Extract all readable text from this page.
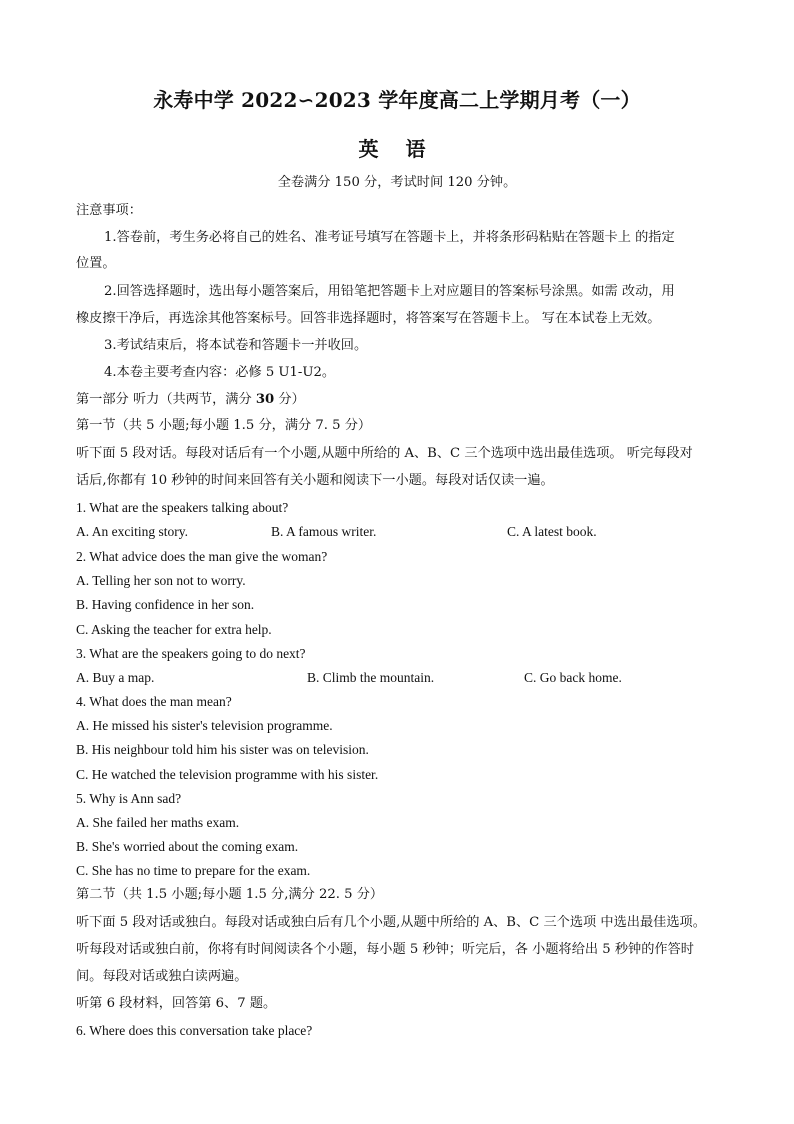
永寿中学 2022∽2023 学年度高二上学期月考（一）
英 语
全卷满分 150 分，考试时间 120 分钟。
注意事项：
1.答卷前，考生务必将自己的姓名、准考证号填写在答题卡上，并将条形码粘贴在答题卡上 的指定
位置。
2.回答选择题时，选出每小题答案后，用铅笔把答题卡上对应题目的答案标号涂黑。如需 改动，用
橡皮擦干净后，再选涂其他答案标号。回答非选择题时，将答案写在答题卡上。 写在本试卷上无效。
3.考试结束后，将本试卷和答题卡一并收回。
4.本卷主要考查内容：必修 5 U1-U2。
第一部分 听力（共两节，满分 30 分）
第一节（共 5 小题;每小题 1.5 分，满分 7. 5 分）
听下面 5 段对话。每段对话后有一个小题,从题中所给的 A、B、C 三个选项中选出最佳选项。 听完每段对
话后,你都有 10 秒钟的时间来回答有关小题和阅读下一小题。每段对话仅读一遍。
1. What are the speakers talking about?
A. An exciting story.	B. A famous writer.	C. A latest book.
2. What advice does the man give the woman?
A. Telling her son not to worry.
B. Having confidence in her son.
C. Asking the teacher for extra help.
3. What are the speakers going to do next?
A. Buy a map.	B. Climb the mountain.	C. Go back home.
4. What does the man mean?
A. He missed his sister's television programme.
B. His neighbour told him his sister was on television.
C. He watched the television programme with his sister.
5. Why is Ann sad?
A. She failed her maths exam.
B. She's worried about the coming exam.
C. She has no time to prepare for the exam.
第二节（共 1.5 小题;每小题 1.5 分,满分 22. 5 分）
听下面 5 段对话或独白。每段对话或独白后有几个小题,从题中所给的 A、B、C 三个选项 中选出最佳选项。
听每段对话或独白前，你将有时间阅读各个小题，每小题 5 秒钟；听完后，各 小题将给出 5 秒钟的作答时
间。每段对话或独白读两遍。
听第 6 段材料，回答第 6、7 题。
6. Where does this conversation take place?
